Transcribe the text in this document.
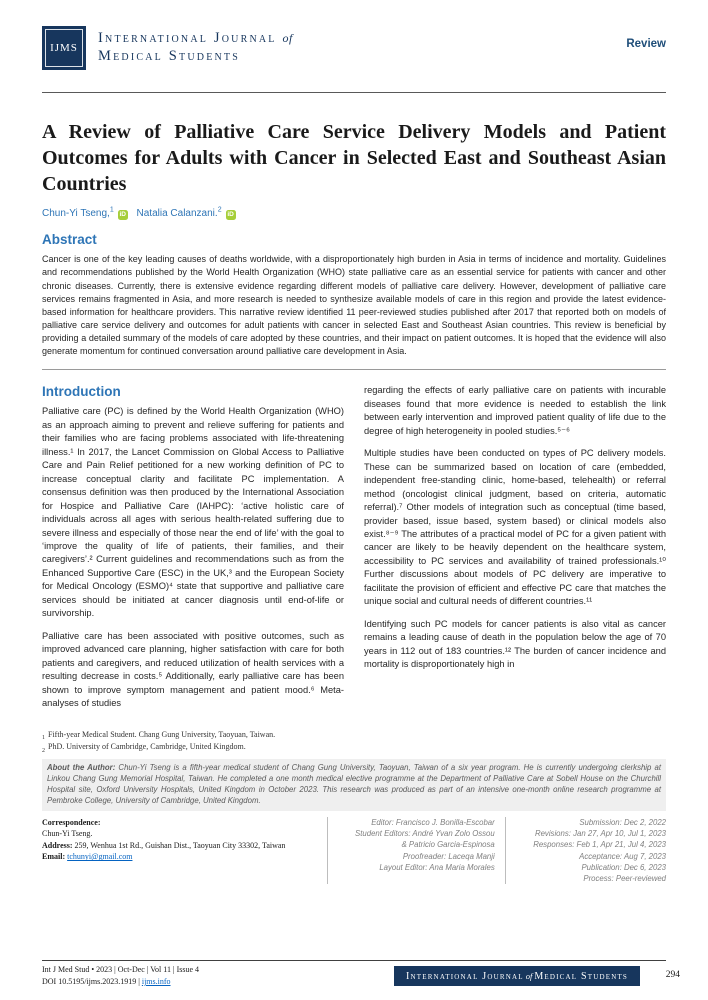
IJMS
International Journal of
Medical Students
Review
A Review of Palliative Care Service Delivery Models and Patient Outcomes for Adults with Cancer in Selected East and Southeast Asian Countries
Chun-Yi Tseng,$^1$iD Natalia Calanzani.$^2$iD
Abstract

Cancer is one of the key leading causes of deaths worldwide, with a disproportionately high burden in Asia in terms of incidence and mortality. Guidelines and recommendations published by the World Health Organization (WHO) state palliative care as an essential service for patients with cancer and other chronic diseases. Currently, there is extensive evidence regarding different models of palliative care delivery. However, development of palliative care services remains fragmented in Asia, and more research is needed to synthesize available models of care in this region and provide the latest evidence-based information for healthcare providers. This narrative review identified 11 peer-reviewed studies published after 2017 that reported both on models of palliative care service delivery and outcomes for adult patients with cancer in selected East and Southeast Asian countries. This review is beneficial by providing a detailed summary of the models of care adopted by these countries, and their impact on patient outcomes. It is hoped that the evidence will also generate momentum for continued conversation around palliative care development in Asia.

Introduction

Palliative care (PC) is defined by the World Health Organization (WHO) as an approach aiming to prevent and relieve suffering for patients and their families who are facing problems associated with life-threatening illness.¹ In 2017, the Lancet Commission on Global Access to Palliative Care and Pain Relief petitioned for a new working definition of PC to increase conceptual clarity and facilitate PC implementation. A consensus definition was then produced by the International Association for Hospice and Palliative Care (IAHPC): ‘active holistic care of individuals across all ages with serious health-related suffering due to severe illness and especially of those near the end of life’ with the goal to ‘improve the quality of life of patients, their families, and their caregivers’.² Current guidelines and recommendations such as from the Enhanced Supportive Care (ESC) in the UK,³ and the European Society for Medical Oncology (ESMO)⁴ state that supportive and palliative care services should be initiated at cancer diagnosis until end-of-life or survivorship.

Palliative care has been associated with positive outcomes, such as improved advanced care planning, higher satisfaction with care for both patients and caregivers, and reduced utilization of health services with a resulting decrease in costs.⁵ Additionally, early palliative care has been shown to improve symptom management and patient mood.⁶ Meta-analyses of studies

regarding the effects of early palliative care on patients with incurable diseases found that more evidence is needed to establish the link between early intervention and improved patient quality of life due to the degree of high heterogeneity in pooled studies.⁵⁻⁶

Multiple studies have been conducted on types of PC delivery models. These can be summarized based on location of care (embedded, independent free-standing clinic, home-based, telehealth) or referral method (oncologist clinical judgment, based on criteria, automatic referral).⁷ Other models of integration such as conceptual (time based, provider based, issue based, system based) or clinical models also exist.⁸⁻⁹ The attributes of a practical model of PC for a given patient with cancer are likely to be heavily dependent on the healthcare system, accessibility to PC services and availability of trained professionals.¹⁰ Further discussions about models of PC delivery are imperative to facilitate the provision of efficient and effective PC care that matches the unique social and cultural needs of different countries.¹¹

Identifying such PC models for cancer patients is also vital as cancer remains a leading cause of death in the population below the age of 70 years in 112 out of 183 countries.¹² The burden of cancer incidence and mortality is disproportionately high in

$_1$ Fifth-year Medical Student. Chang Gung University, Taoyuan, Taiwan.
$_2$ PhD. University of Cambridge, Cambridge, United Kingdom.
About the Author: Chun-Yi Tseng is a fifth-year medical student of Chang Gung University, Taoyuan, Taiwan of a six year program. He is currently undergoing clerkship at Linkou Chang Gung Memorial Hospital, Taiwan. He completed a one month medical elective programme at the Department of Palliative Care at Sobell House on the Churchill Hospital site, Oxford University Hospitals, United Kingdom in October 2023. This research was produced as part of an intensive one-month online research programme at Pembroke College, University of Cambridge, United Kingdom.
Correspondence:
Chun-Yi Tseng.
Address: 259, Wenhua 1st Rd., Guishan Dist., Taoyuan City 33302, Taiwan
Email: tchunyi@gmail.com
Editor: Francisco J. Bonilla-Escobar
Student Editors: André Yvan Zolo Ossou
& Patricio Garcia-Espinosa
Proofreader: Laceqa Manji
Layout Editor: Ana Maria Morales
Submission: Dec 2, 2022
Revisions: Jan 27, Apr 10, Jul 1, 2023
Responses: Feb 1, Apr 21, Jul 4, 2023
Acceptance: Aug 7, 2023
Publication: Dec 6, 2023
Process: Peer-reviewed
Int J Med Stud • 2023 | Oct-Dec | Vol 11 | Issue 4
DOI 10.5195/ijms.2023.1919 | ijms.info	International Journal of Medical Students	294
